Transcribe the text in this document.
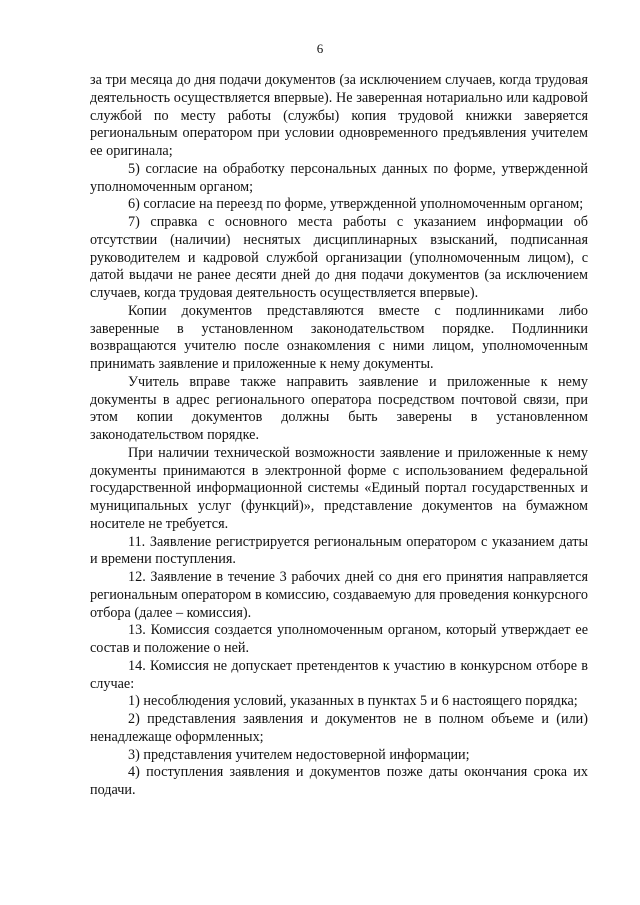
6

за три месяца до дня подачи документов (за исключением случаев, когда трудовая деятельность осуществляется впервые). Не заверенная нотариально или кадровой службой по месту работы (службы) копия трудовой книжки заверяется региональным оператором при условии одновременного предъявления учителем ее оригинала;

5) согласие на обработку персональных данных по форме, утвержденной уполномоченным органом;

6) согласие на переезд по форме, утвержденной уполномоченным органом;

7) справка с основного места работы с указанием информации об отсутствии (наличии) неснятых дисциплинарных взысканий, подписанная руководителем и кадровой службой организации (уполномоченным лицом), с датой выдачи не ранее десяти дней до дня подачи документов (за исключением случаев, когда трудовая деятельность осуществляется впервые).

Копии документов представляются вместе с подлинниками либо заверенные в установленном законодательством порядке. Подлинники возвращаются учителю после ознакомления с ними лицом, уполномоченным принимать заявление и приложенные к нему документы.

Учитель вправе также направить заявление и приложенные к нему документы в адрес регионального оператора посредством почтовой связи, при этом копии документов должны быть заверены в установленном законодательством порядке.

При наличии технической возможности заявление и приложенные к нему документы принимаются в электронной форме с использованием федеральной государственной информационной системы «Единый портал государственных и муниципальных услуг (функций)», представление документов на бумажном носителе не требуется.

11. Заявление регистрируется региональным оператором с указанием даты и времени поступления.

12. Заявление в течение 3 рабочих дней со дня его принятия направляется региональным оператором в комиссию, создаваемую для проведения конкурсного отбора (далее – комиссия).

13. Комиссия создается уполномоченным органом, который утверждает ее состав и положение о ней.

14. Комиссия не допускает претендентов к участию в конкурсном отборе в случае:

1) несоблюдения условий, указанных в пунктах 5 и 6 настоящего порядка;

2) представления заявления и документов не в полном объеме и (или) ненадлежаще оформленных;

3) представления учителем недостоверной информации;

4) поступления заявления и документов позже даты окончания срока их подачи.
